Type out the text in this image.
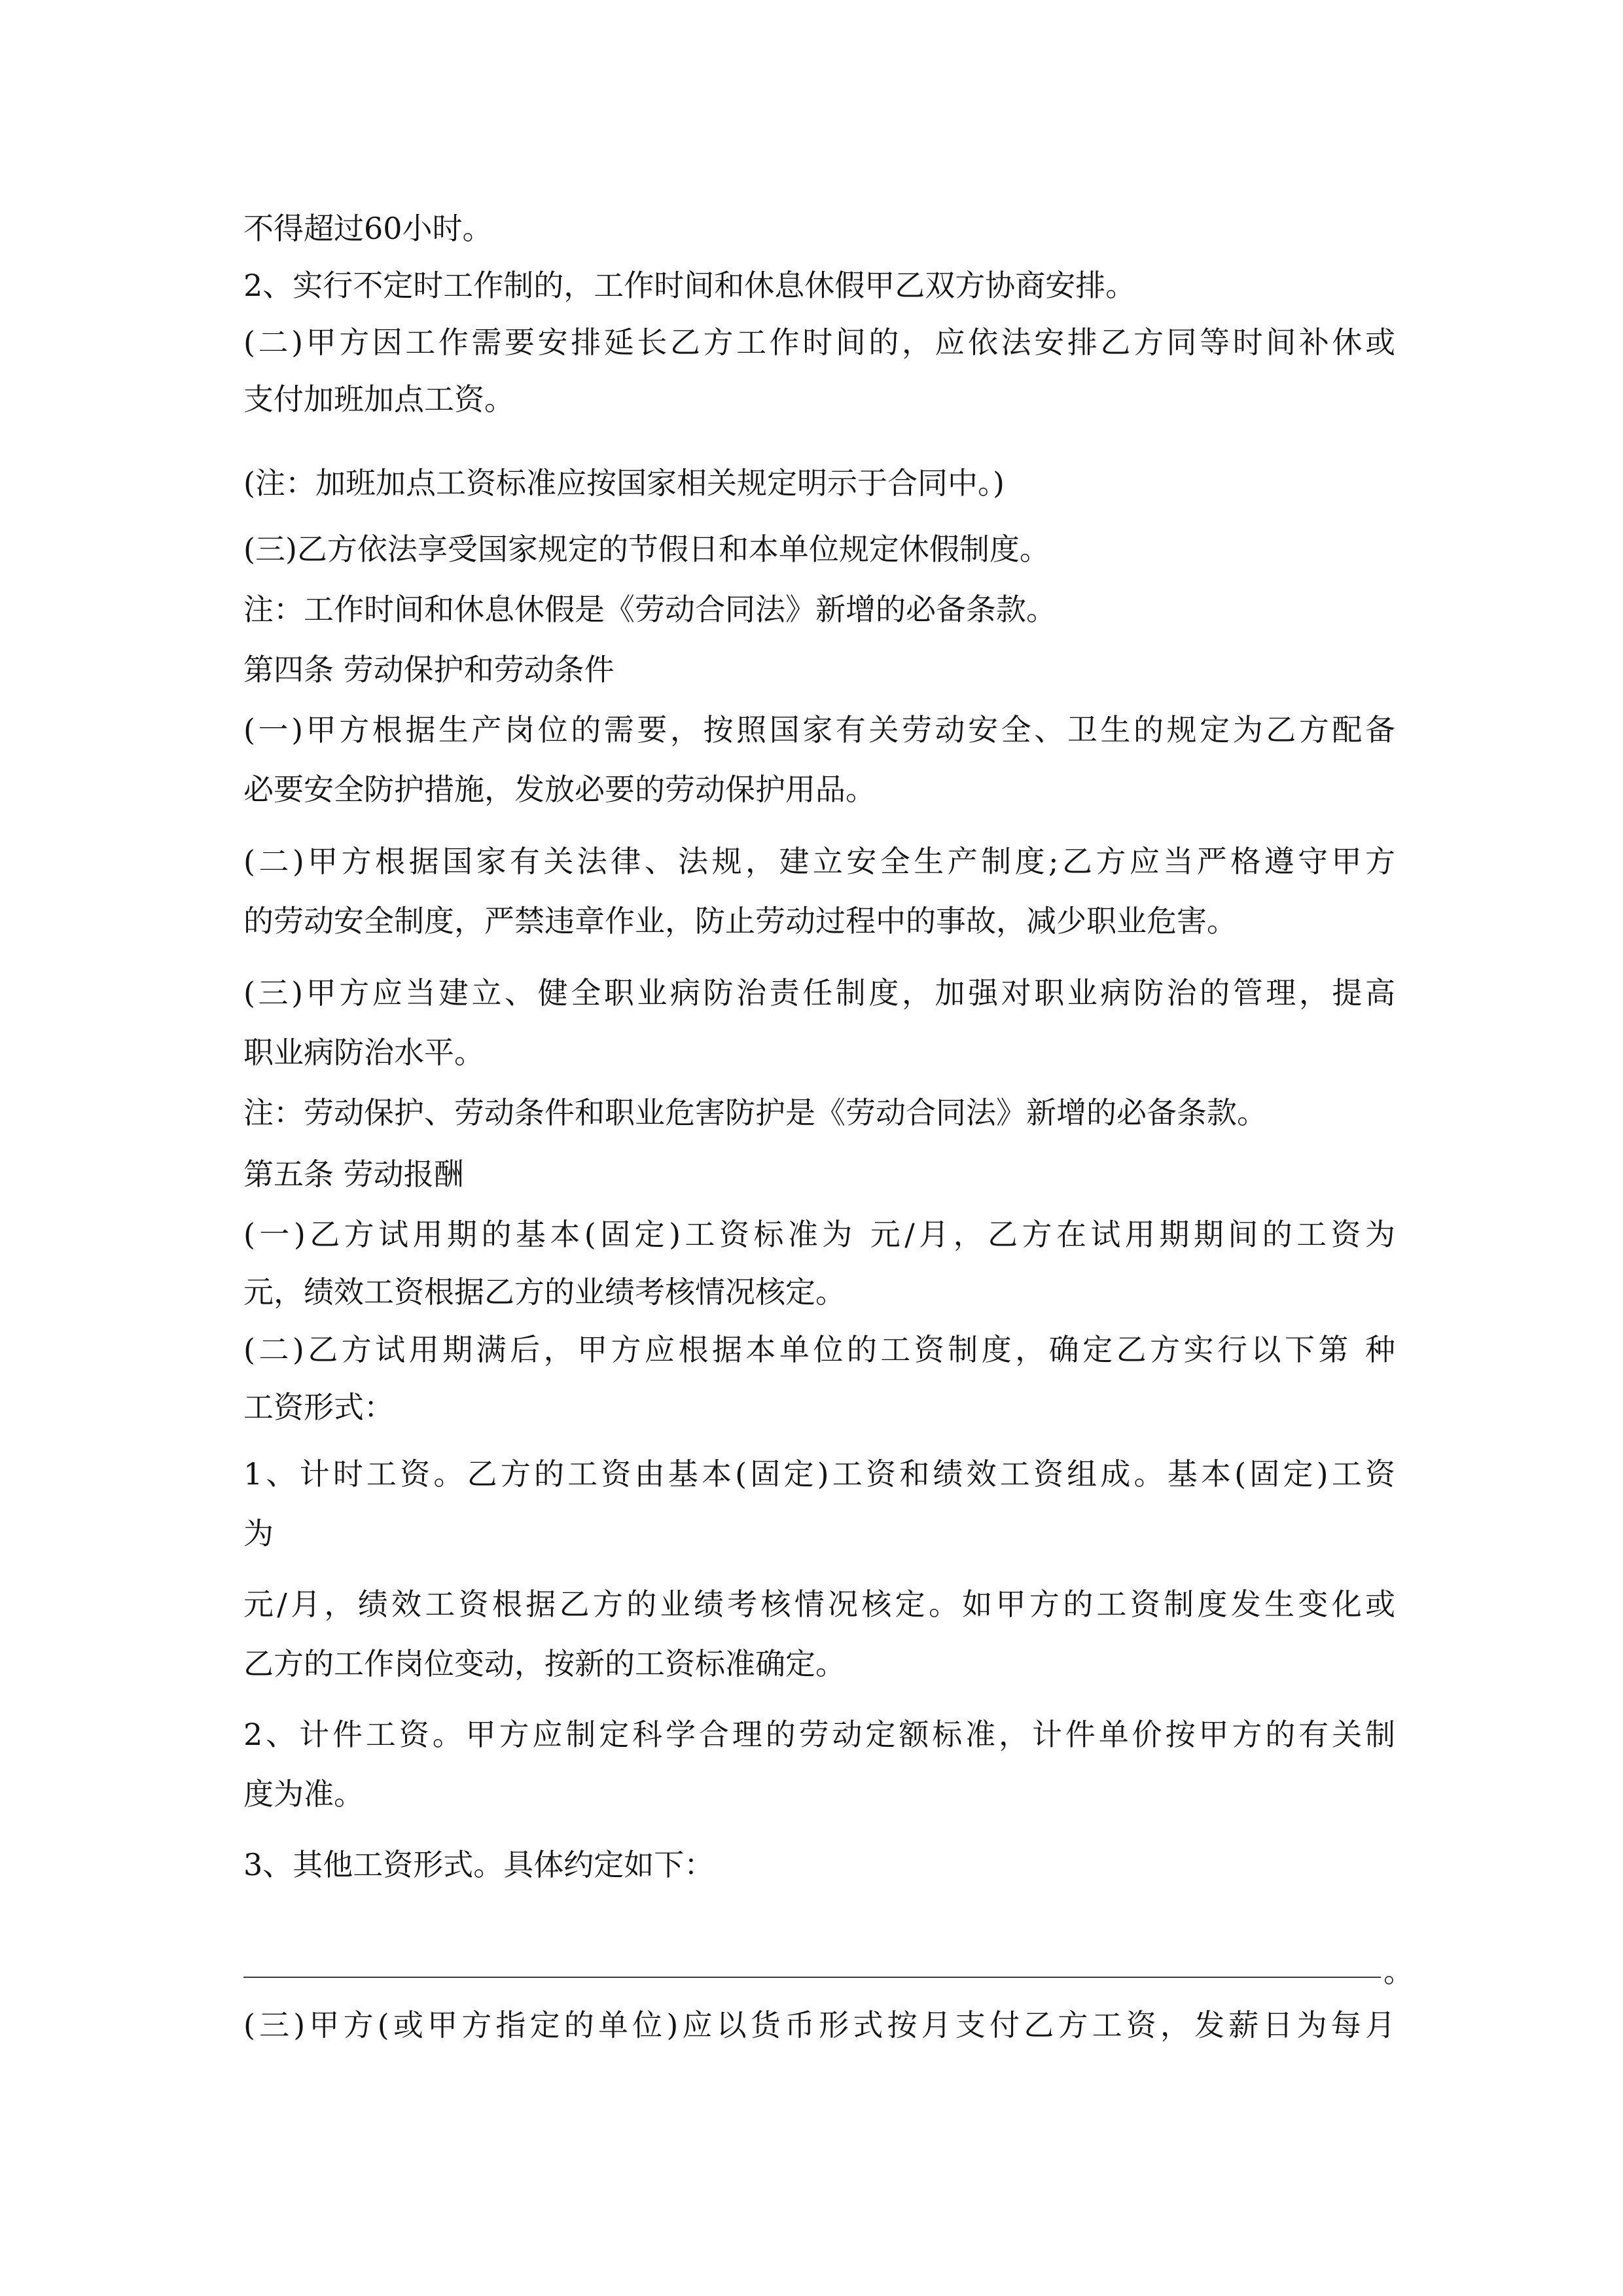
不得超过60小时。
2、实行不定时工作制的，工作时间和休息休假甲乙双方协商安排。
(二)甲方因工作需要安排延长乙方工作时间的，应依法安排乙方同等时间补休或
支付加班加点工资。
(注：加班加点工资标准应按国家相关规定明示于合同中。)
(三)乙方依法享受国家规定的节假日和本单位规定休假制度。
注：工作时间和休息休假是《劳动合同法》新增的必备条款。
第四条 劳动保护和劳动条件
(一)甲方根据生产岗位的需要，按照国家有关劳动安全、卫生的规定为乙方配备
必要安全防护措施，发放必要的劳动保护用品。
(二)甲方根据国家有关法律、法规，建立安全生产制度;乙方应当严格遵守甲方
的劳动安全制度，严禁违章作业，防止劳动过程中的事故，减少职业危害。
(三)甲方应当建立、健全职业病防治责任制度，加强对职业病防治的管理，提高
职业病防治水平。
注：劳动保护、劳动条件和职业危害防护是《劳动合同法》新增的必备条款。
第五条 劳动报酬
(一)乙方试用期的基本(固定)工资标准为 元/月，乙方在试用期期间的工资为
元，绩效工资根据乙方的业绩考核情况核定。
(二)乙方试用期满后，甲方应根据本单位的工资制度，确定乙方实行以下第 种
工资形式：
1、计时工资。乙方的工资由基本(固定)工资和绩效工资组成。基本(固定)工资
为
元/月，绩效工资根据乙方的业绩考核情况核定。如甲方的工资制度发生变化或
乙方的工作岗位变动，按新的工资标准确定。
2、计件工资。甲方应制定科学合理的劳动定额标准，计件单价按甲方的有关制
度为准。
3、其他工资形式。具体约定如下：
。
(三)甲方(或甲方指定的单位)应以货币形式按月支付乙方工资，发薪日为每月
